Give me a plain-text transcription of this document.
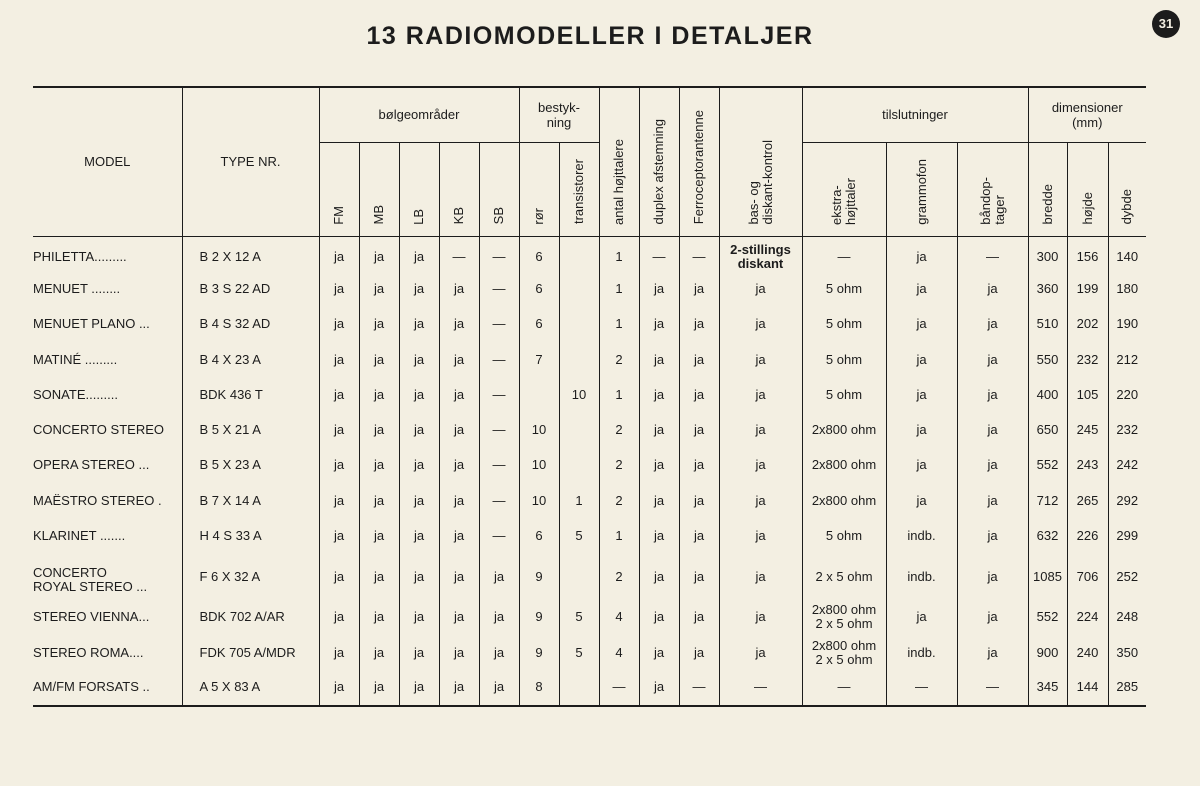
13 RADIOMODELLER I DETALJER	31
MODEL	TYPE NR.	bølgeområder					bestyk-
ning		antal højttalere	duplex afstemning	Ferroceptorantenne	bas- og
diskant-kontrol	tilslutninger			dimensioner
(mm)		
		FM	MB	LB	KB	SB	rør	transistorer					ekstra-
højttaler	grammofon	båndop-
tager	bredde	højde	dybde
PHILETTA.........	B 2 X 12 A	ja	ja	ja	—	—	6		1	—	—	2-stillings
diskant	—	ja	—	300	156	140
MENUET ........	B 3 S 22 AD	ja	ja	ja	ja	—	6		1	ja	ja	ja	5 ohm	ja	ja	360	199	180
MENUET PLANO ...	B 4 S 32 AD	ja	ja	ja	ja	—	6		1	ja	ja	ja	5 ohm	ja	ja	510	202	190
MATINÉ .........	B 4 X 23 A	ja	ja	ja	ja	—	7		2	ja	ja	ja	5 ohm	ja	ja	550	232	212
SONATE.........	BDK 436 T	ja	ja	ja	ja	—		10	1	ja	ja	ja	5 ohm	ja	ja	400	105	220
CONCERTO STEREO	B 5 X 21 A	ja	ja	ja	ja	—	10		2	ja	ja	ja	2x800 ohm	ja	ja	650	245	232
OPERA STEREO ...	B 5 X 23 A	ja	ja	ja	ja	—	10		2	ja	ja	ja	2x800 ohm	ja	ja	552	243	242
MAËSTRO STEREO .	B 7 X 14 A	ja	ja	ja	ja	—	10	1	2	ja	ja	ja	2x800 ohm	ja	ja	712	265	292
KLARINET .......	H 4 S 33 A	ja	ja	ja	ja	—	6	5	1	ja	ja	ja	5 ohm	indb.	ja	632	226	299
CONCERTO
ROYAL STEREO ...	F 6 X 32 A	ja	ja	ja	ja	ja	9		2	ja	ja	ja	2 x 5 ohm	indb.	ja	1085	706	252
STEREO VIENNA...	BDK 702 A/AR	ja	ja	ja	ja	ja	9	5	4	ja	ja	ja	2x800 ohm
2 x 5 ohm	ja	ja	552	224	248
STEREO ROMA....	FDK 705 A/MDR	ja	ja	ja	ja	ja	9	5	4	ja	ja	ja	2x800 ohm
2 x 5 ohm	indb.	ja	900	240	350
AM/FM FORSATS ..	A 5 X 83 A	ja	ja	ja	ja	ja	8		—	ja	—	—	—	—	—	345	144	285
